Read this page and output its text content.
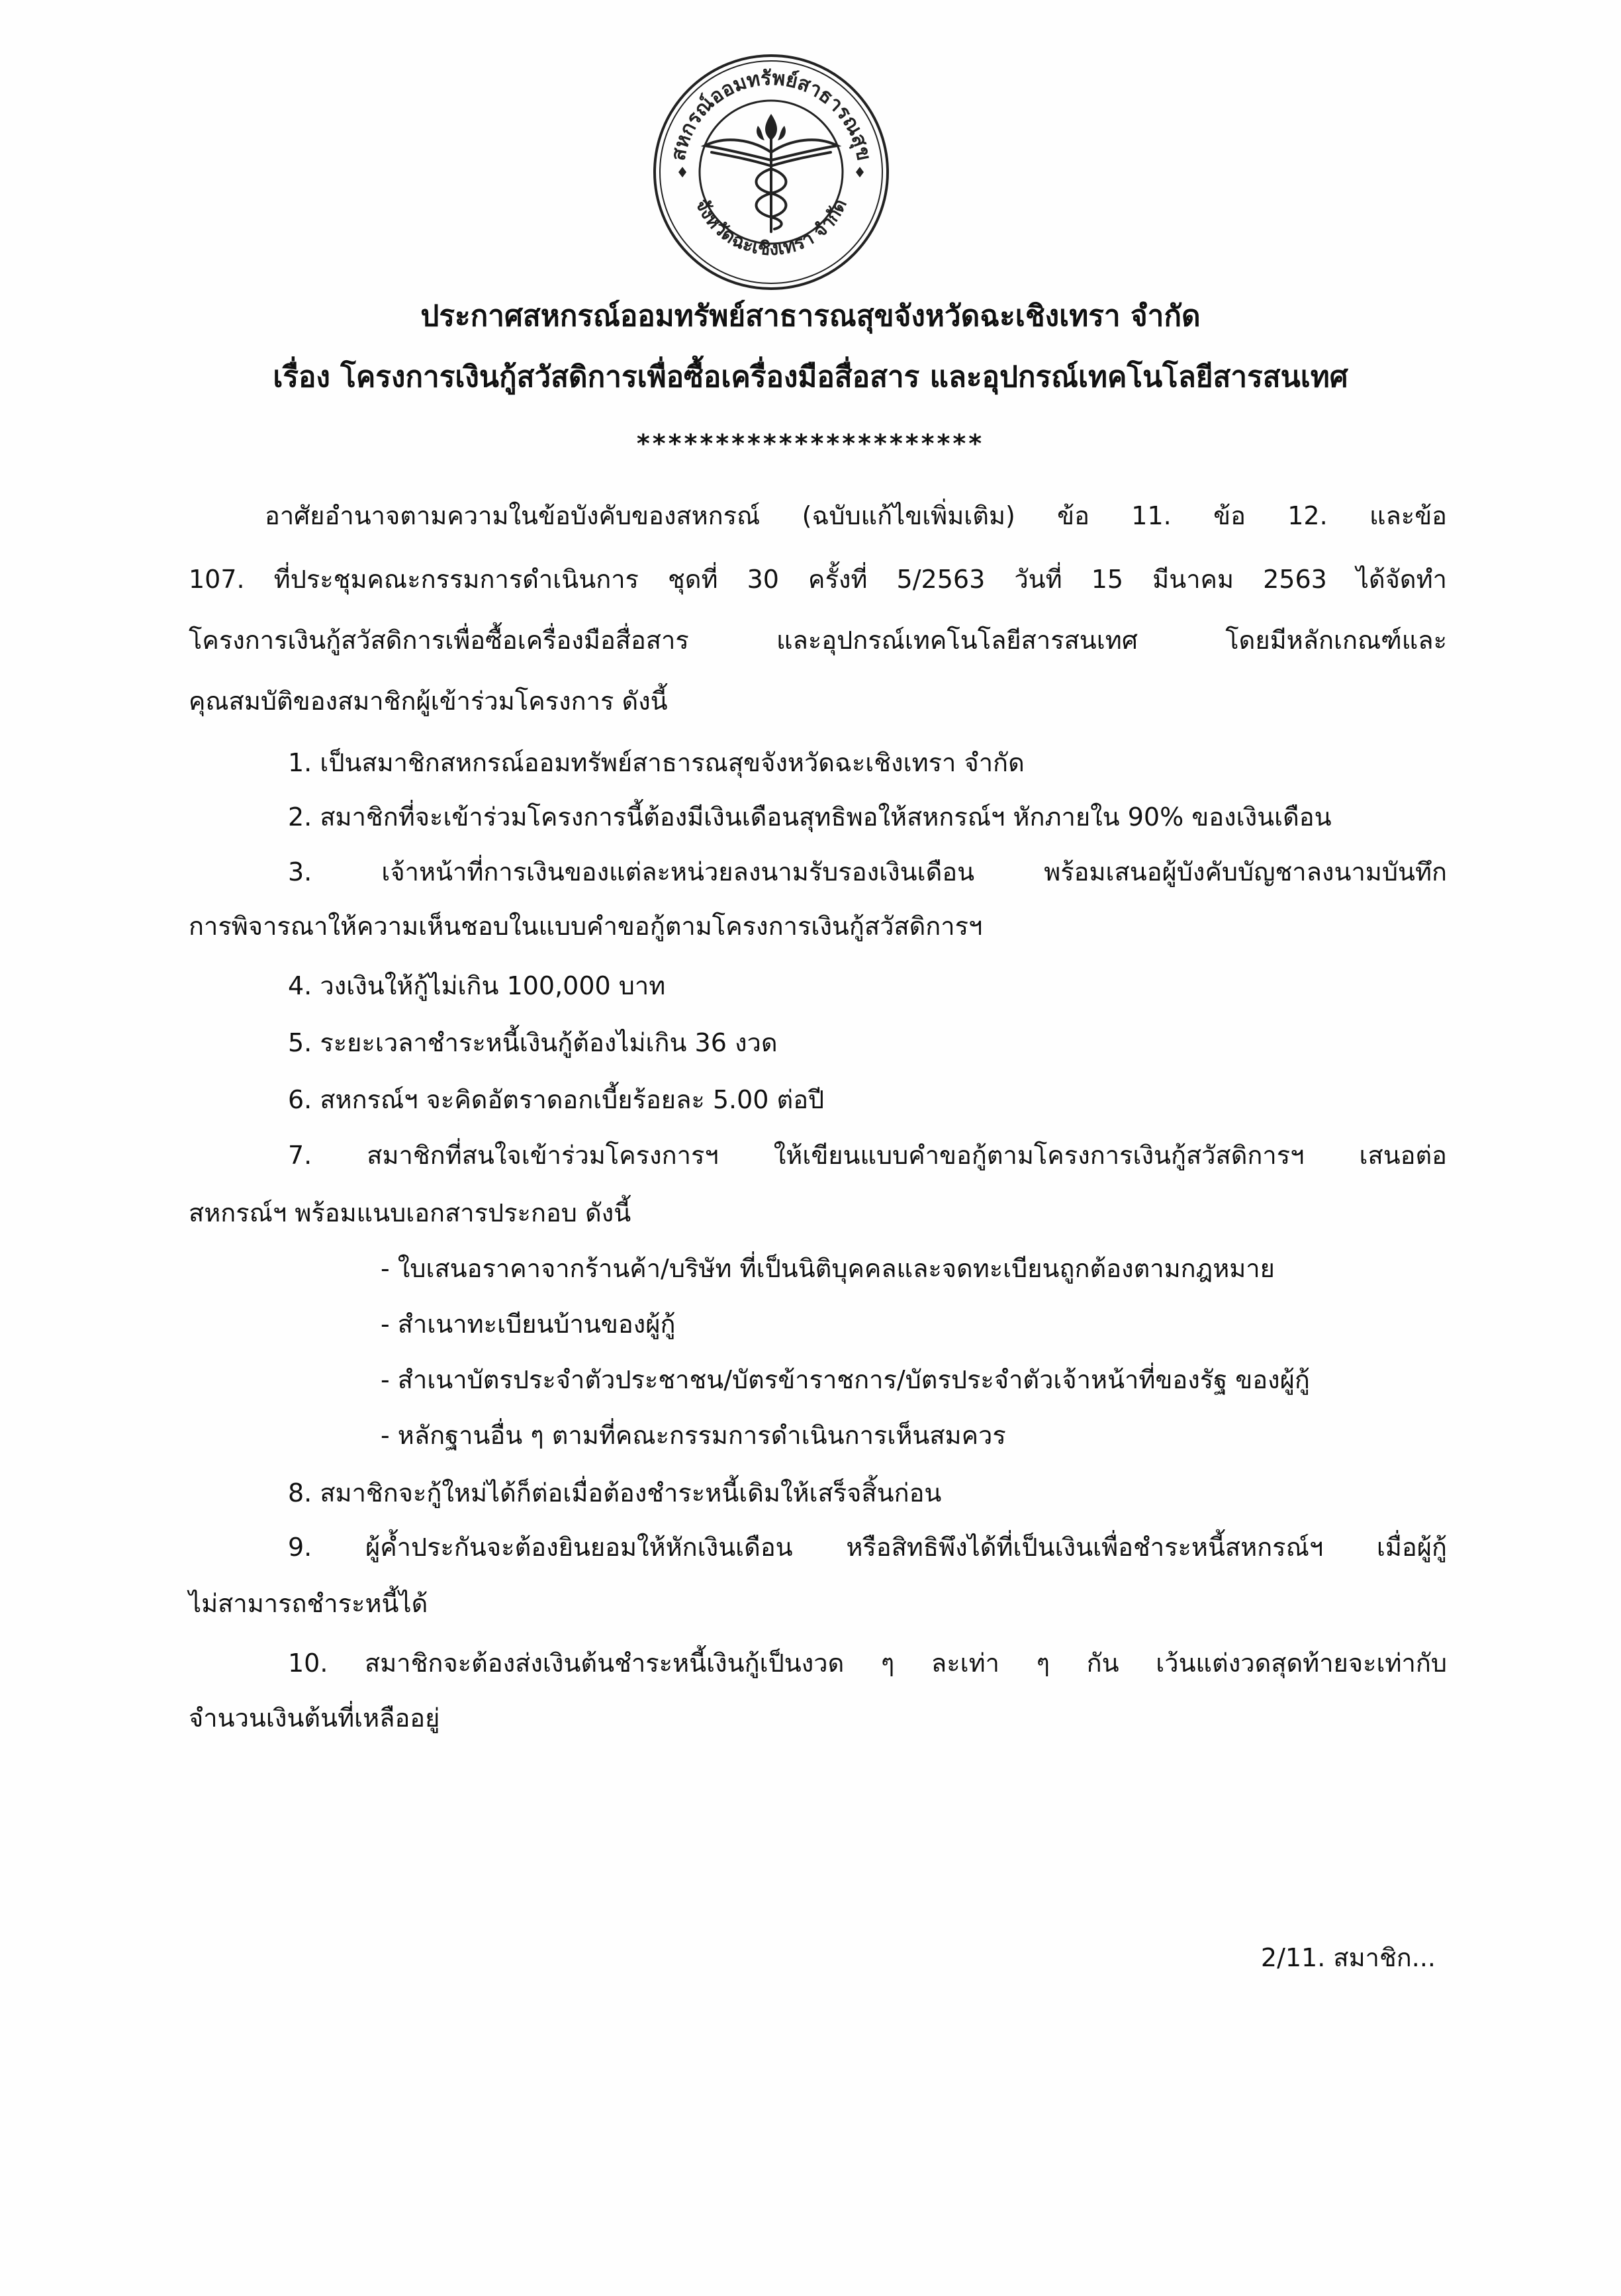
สหกรณ์ออมทรัพย์สาธารณสุข
จังหวัดฉะเชิงเทรา จำกัด
ประกาศสหกรณ์ออมทรัพย์สาธารณสุขจังหวัดฉะเชิงเทรา จำกัด
เรื่อง โครงการเงินกู้สวัสดิการเพื่อซื้อเครื่องมือสื่อสาร และอุปกรณ์เทคโนโลยีสารสนเทศ
**********************
อาศัยอำนาจตามความในข้อบังคับของสหกรณ์ (ฉบับแก้ไขเพิ่มเติม) ข้อ 11. ข้อ 12. และข้อ
107. ที่ประชุมคณะกรรมการดำเนินการ ชุดที่ 30 ครั้งที่ 5/2563 วันที่ 15 มีนาคม 2563 ได้จัดทำ
โครงการเงินกู้สวัสดิการเพื่อซื้อเครื่องมือสื่อสาร และอุปกรณ์เทคโนโลยีสารสนเทศ โดยมีหลักเกณฑ์และ
คุณสมบัติของสมาชิกผู้เข้าร่วมโครงการ ดังนี้
1. เป็นสมาชิกสหกรณ์ออมทรัพย์สาธารณสุขจังหวัดฉะเชิงเทรา จำกัด
2. สมาชิกที่จะเข้าร่วมโครงการนี้ต้องมีเงินเดือนสุทธิพอให้สหกรณ์ฯ หักภายใน 90% ของเงินเดือน
3. เจ้าหน้าที่การเงินของแต่ละหน่วยลงนามรับรองเงินเดือน พร้อมเสนอผู้บังคับบัญชาลงนามบันทึก
การพิจารณาให้ความเห็นชอบในแบบคำขอกู้ตามโครงการเงินกู้สวัสดิการฯ
4. วงเงินให้กู้ไม่เกิน 100,000 บาท
5. ระยะเวลาชำระหนี้เงินกู้ต้องไม่เกิน 36 งวด
6. สหกรณ์ฯ จะคิดอัตราดอกเบี้ยร้อยละ 5.00 ต่อปี
7. สมาชิกที่สนใจเข้าร่วมโครงการฯ ให้เขียนแบบคำขอกู้ตามโครงการเงินกู้สวัสดิการฯ เสนอต่อ
สหกรณ์ฯ พร้อมแนบเอกสารประกอบ ดังนี้
- ใบเสนอราคาจากร้านค้า/บริษัท ที่เป็นนิติบุคคลและจดทะเบียนถูกต้องตามกฎหมาย
- สำเนาทะเบียนบ้านของผู้กู้
- สำเนาบัตรประจำตัวประชาชน/บัตรข้าราชการ/บัตรประจำตัวเจ้าหน้าที่ของรัฐ ของผู้กู้
- หลักฐานอื่น ๆ ตามที่คณะกรรมการดำเนินการเห็นสมควร
8. สมาชิกจะกู้ใหม่ได้ก็ต่อเมื่อต้องชำระหนี้เดิมให้เสร็จสิ้นก่อน
9. ผู้ค้ำประกันจะต้องยินยอมให้หักเงินเดือน หรือสิทธิพึงได้ที่เป็นเงินเพื่อชำระหนี้สหกรณ์ฯ เมื่อผู้กู้
ไม่สามารถชำระหนี้ได้
10. สมาชิกจะต้องส่งเงินต้นชำระหนี้เงินกู้เป็นงวด ๆ ละเท่า ๆ กัน เว้นแต่งวดสุดท้ายจะเท่ากับ
จำนวนเงินต้นที่เหลืออยู่
2/11. สมาชิก...
